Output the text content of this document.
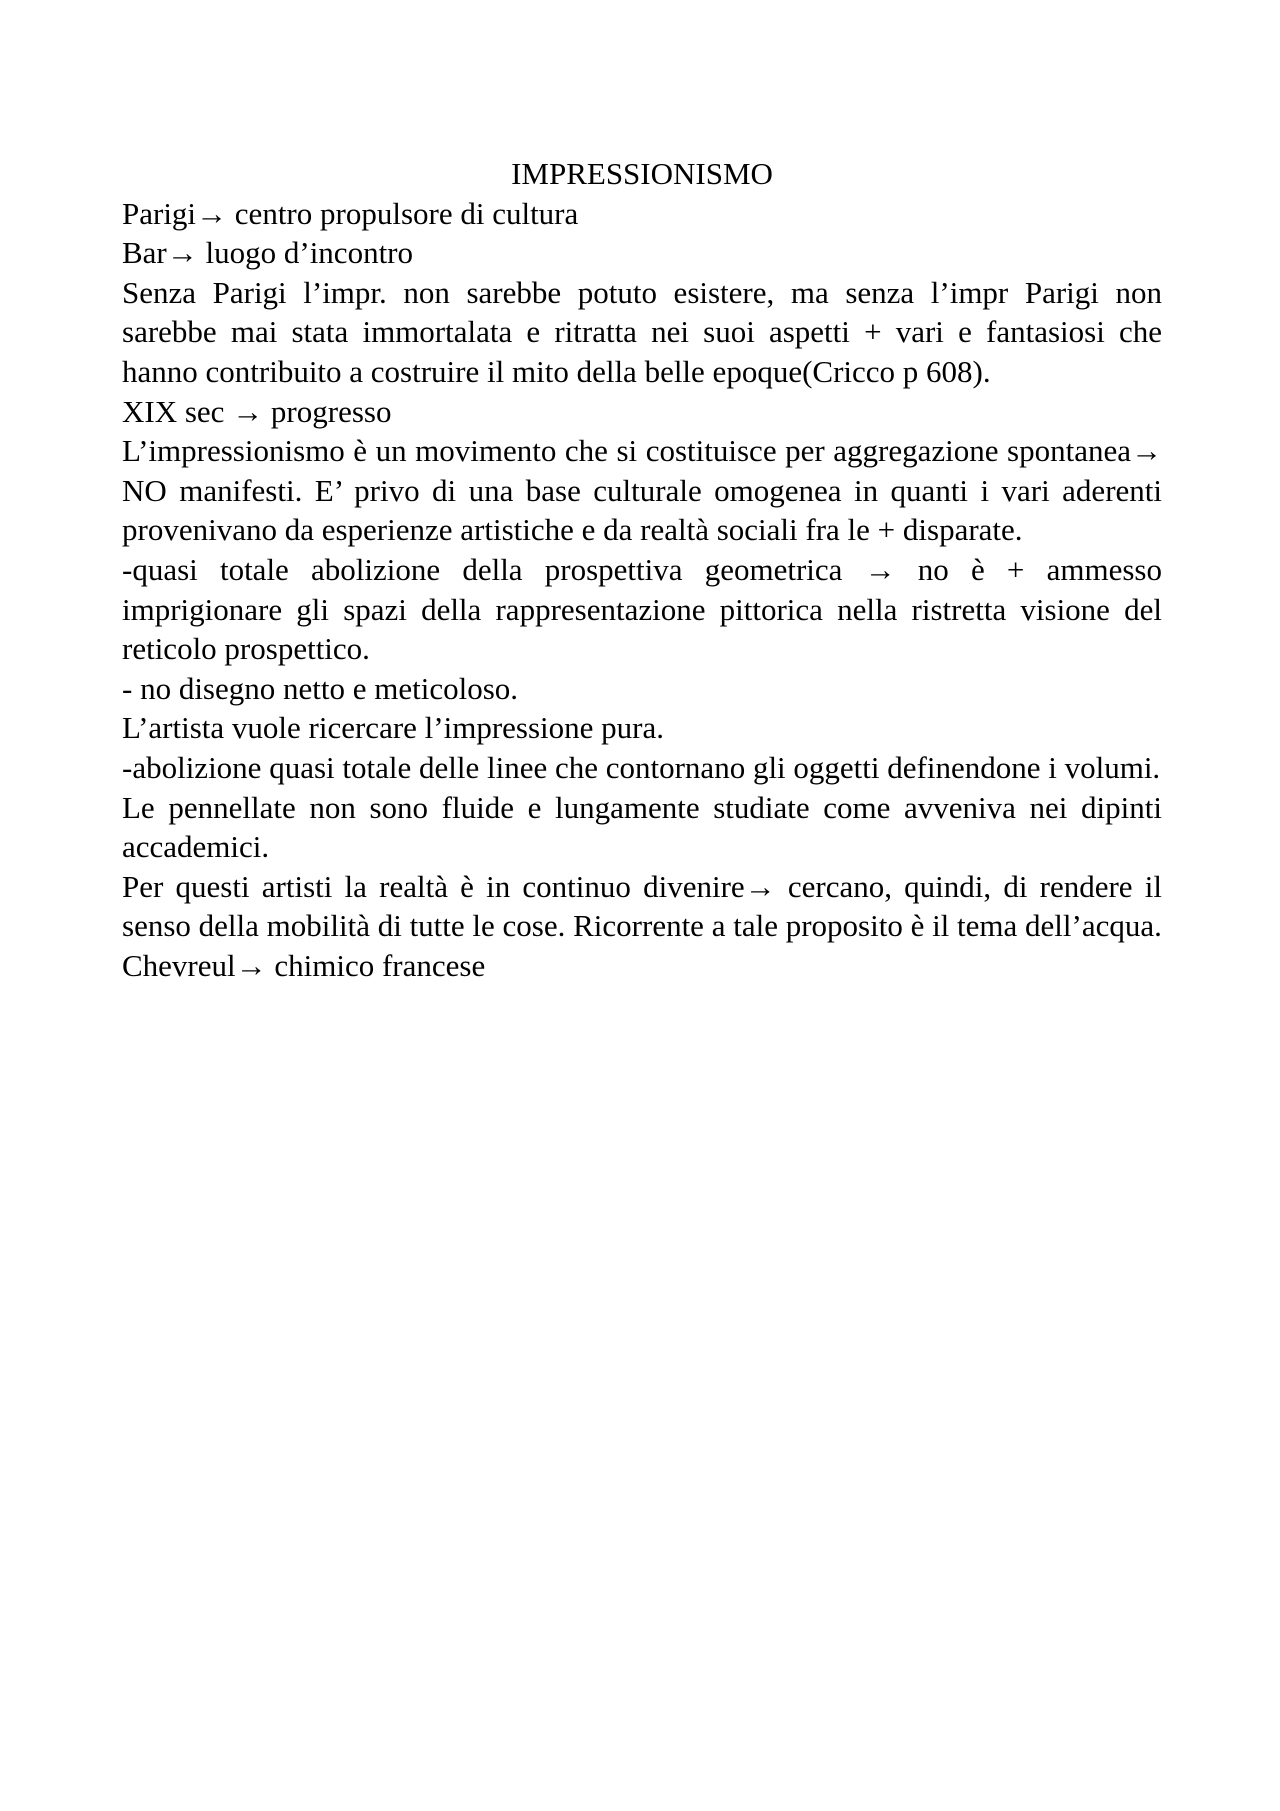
IMPRESSIONISMO

Parigi→ centro propulsore di cultura

Bar→ luogo d’incontro

Senza Parigi l’impr. non sarebbe potuto esistere, ma senza l’impr Parigi non sarebbe mai stata immortalata e ritratta nei suoi aspetti + vari e fantasiosi che hanno contribuito a costruire il mito della belle epoque(Cricco p 608).

XIX sec → progresso

L’impressionismo è un movimento che si costituisce per aggregazione spontanea→ NO manifesti. E’ privo di una base culturale omogenea in quanti i vari aderenti provenivano da esperienze artistiche e da realtà sociali fra le + disparate.

-quasi totale abolizione della prospettiva geometrica → no è + ammesso imprigionare gli spazi della rappresentazione pittorica nella ristretta visione del reticolo prospettico.

- no disegno netto e meticoloso.

L’artista vuole ricercare l’impressione pura.

-abolizione quasi totale delle linee che contornano gli oggetti definendone i volumi.

Le pennellate non sono fluide e lungamente studiate come avveniva nei dipinti accademici.

Per questi artisti la realtà è in continuo divenire→ cercano, quindi, di rendere il senso della mobilità di tutte le cose. Ricorrente a tale proposito è il tema dell’acqua.

Chevreul→ chimico francese
